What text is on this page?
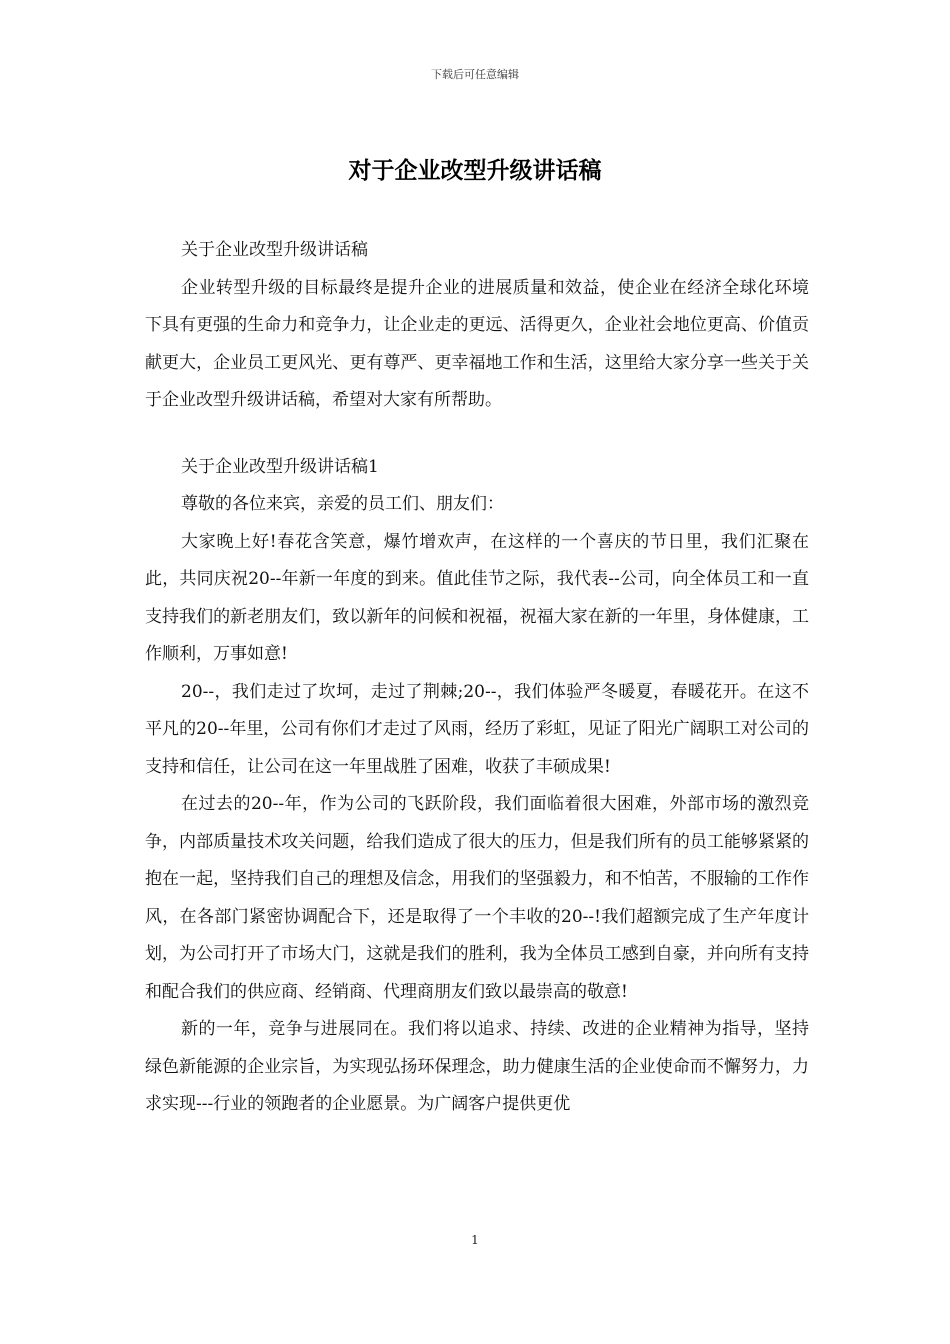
下载后可任意编辑
对于企业改型升级讲话稿

关于企业改型升级讲话稿

企业转型升级的目标最终是提升企业的进展质量和效益，使企业在经济全球化环境下具有更强的生命力和竞争力，让企业走的更远、活得更久，企业社会地位更高、价值贡献更大，企业员工更风光、更有尊严、更幸福地工作和生活，这里给大家分享一些关于关于企业改型升级讲话稿，希望对大家有所帮助。

关于企业改型升级讲话稿1

尊敬的各位来宾，亲爱的员工们、朋友们：

大家晚上好!春花含笑意，爆竹增欢声，在这样的一个喜庆的节日里，我们汇聚在此，共同庆祝20--年新一年度的到来。值此佳节之际，我代表--公司，向全体员工和一直支持我们的新老朋友们，致以新年的问候和祝福，祝福大家在新的一年里，身体健康，工作顺利，万事如意!

20--，我们走过了坎坷，走过了荆棘;20--，我们体验严冬暖夏，春暖花开。在这不平凡的20--年里，公司有你们才走过了风雨，经历了彩虹，见证了阳光广阔职工对公司的支持和信任，让公司在这一年里战胜了困难，收获了丰硕成果!

在过去的20--年，作为公司的飞跃阶段，我们面临着很大困难，外部市场的激烈竞争，内部质量技术攻关问题，给我们造成了很大的压力，但是我们所有的员工能够紧紧的抱在一起，坚持我们自己的理想及信念，用我们的坚强毅力，和不怕苦，不服输的工作作风，在各部门紧密协调配合下，还是取得了一个丰收的20--!我们超额完成了生产年度计划，为公司打开了市场大门，这就是我们的胜利，我为全体员工感到自豪，并向所有支持和配合我们的供应商、经销商、代理商朋友们致以最崇高的敬意!

新的一年，竞争与进展同在。我们将以追求、持续、改进的企业精神为指导，坚持绿色新能源的企业宗旨，为实现弘扬环保理念，助力健康生活的企业使命而不懈努力，力求实现---行业的领跑者的企业愿景。为广阔客户提供更优

1
